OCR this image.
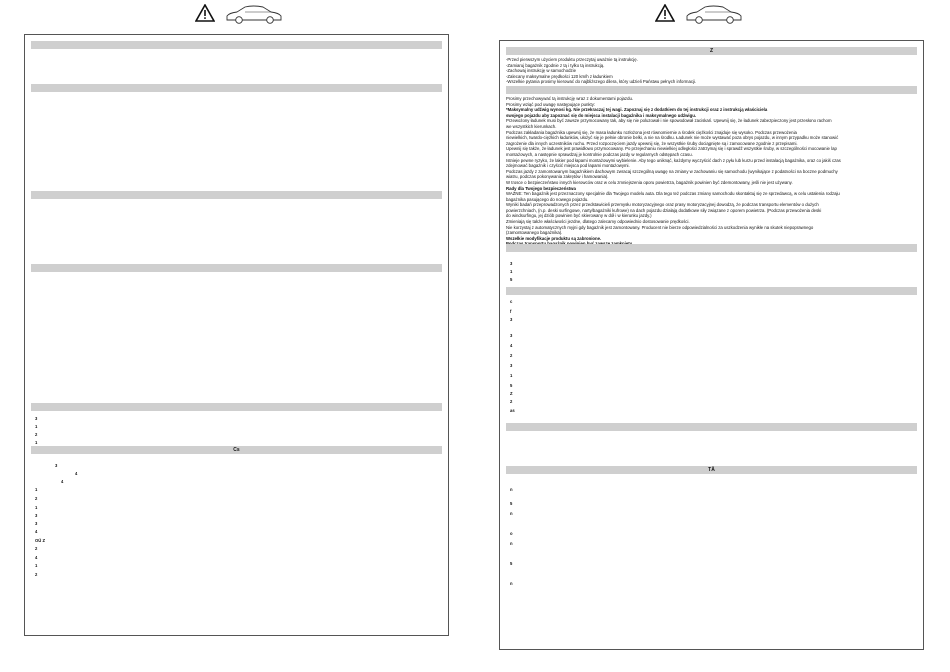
Cs
3
1
2
1
3
4
4
1
2
1
3
3
4
OÜ Z
2
4
1
2

-Przed pierwszym użyciem produktu przeczytaj uważnie tą instrukcję.

-Zamiaruj bagażnik zgodnie z tą i tylko tą instrukcją.

-Zachowaj instrukcję w samochodzie

-Zalecany maksymalne prędkości 120 km/h z ładunkiem

-Wszelkie pytania prosimy kierować do najbliższego dilera, który udzieli Państwu pełnych informacji.

Prosimy przechowywać tą instrukcję wraz z dokumentami pojazdu.

Prosimy wziąć pod uwagę następujące punkty:

*Maksymalny udźwig wynosi kg. Nie przekraczaj tej wagi. Zapoznaj się z dodatkiem do tej instrukcji oraz z instrukcją właściciela

swojego pojazdu aby zapoznać się do miejsca instalacji bagażnika i maksymalnego udźwigu.

Przewożony ładunek musi być zawsze przymocowany tak, aby się nie poluzował i nie spowodował zaciskań. Upewnij się, że ładunek zabezpieczony jest przesłono rachom

we wszystkich kierunkach.

Podczas zakładania bagażnika upewnij się, że masa ładunku rozłożona jest równomiernie a środek ciężkości znajduje się wysoko. Podczas przewożenia

niewielkich, twardo-ciężkich ładunków, ułożyć się je pełnie obronie belki, a nie na środku. Ładunek nie może wystawać poza obrys pojazdu, w innym przypadku może stanowić

zagrożenie dla innych uczestników ruchu. Przed rozpoczęciem jazdy upewnij się, że wszystkie śruby dociągnięte są i zamocowane zgodnie z przepisami.

Upewnij się także, że ładunek jest prawidłowo przymocowany. Po przejechaniu niewielkiej odległości zatrzymaj się i sprawdź wszystkie śruby, w szczególności mocowanie lap

montażowych, a następnie sprawdzaj je kontrolnie podczas jazdy w regularnych odstępach czasu.

Istnieje pewne ryzyko, że lakier pod łapami montażowymi wybielenie. Aby tego uniknąć, każdymy wyczyścić dach z pyłu lub kurzu przed instalacją bagażnika, oraz co jakiś czas

zdejmować bagażnik i czyścić miejsca pod łapami montażowymi.

Podczas jazdy z zamontowanym bagażnikiem dachowym zwracaj szczególną uwagę na zmiany w zachowaniu się samochodu (wynikające z podatności na boczne podmuchy

wiatru, podczas pokonywania zakrętów i hamowania).

W trosce o bezpieczeństwo innych kierowców oraz w celu zmniejszenia oporu powietrza, bagażnik powinien być zdemontowany, jeśli nie jest używany.

Rady dla Twojego bezpieczeństwa

WAŻNE: Ten bagażnik jest przeznaczony specjalnie dla Twojego modelu auta. Dla tego też podczas zmiany samochodu skontaktuj się ze sprzedawcą, w celu ustalenia rodzaju

bagażnika pasującego do nowego pojazdu.

Wyniki badań przeprowadzonych przez przedstawicieli przemysłu motoryzacyjnego oraz prasy motoryzacyjnej dowodzą, że podczas transportu elementów o dużych

powierzchniach, (n.p. deski surfingowe, narty/bagażniki kufrowe) na dach pojazdu działają dodatkowe siły związane z oporem powietrza. (Podczas przewożenia deski

do windsurfingu, jej dziób powinien być skierowany w dół i w kierunku jazdy.)

Zmieniają się także właściwości jezdne, dlatego zalecamy odpowiednio dostosowanie prędkości.

Nie korzystaj z automatycznych myjni gdy bagażnik jest zamontowany. Producent nie bierze odpowiedzialności za uszkodzenia wynikłe na skutek niepoprawnego

(zamontowanego bagażnika).

Wszelkie modyfikacje produktu są zabronione.

Z
TÄ
3
1
5
c
f
3
3
4
2
3
1
5
Z
2
as
n
5
n
o
n
5
n
